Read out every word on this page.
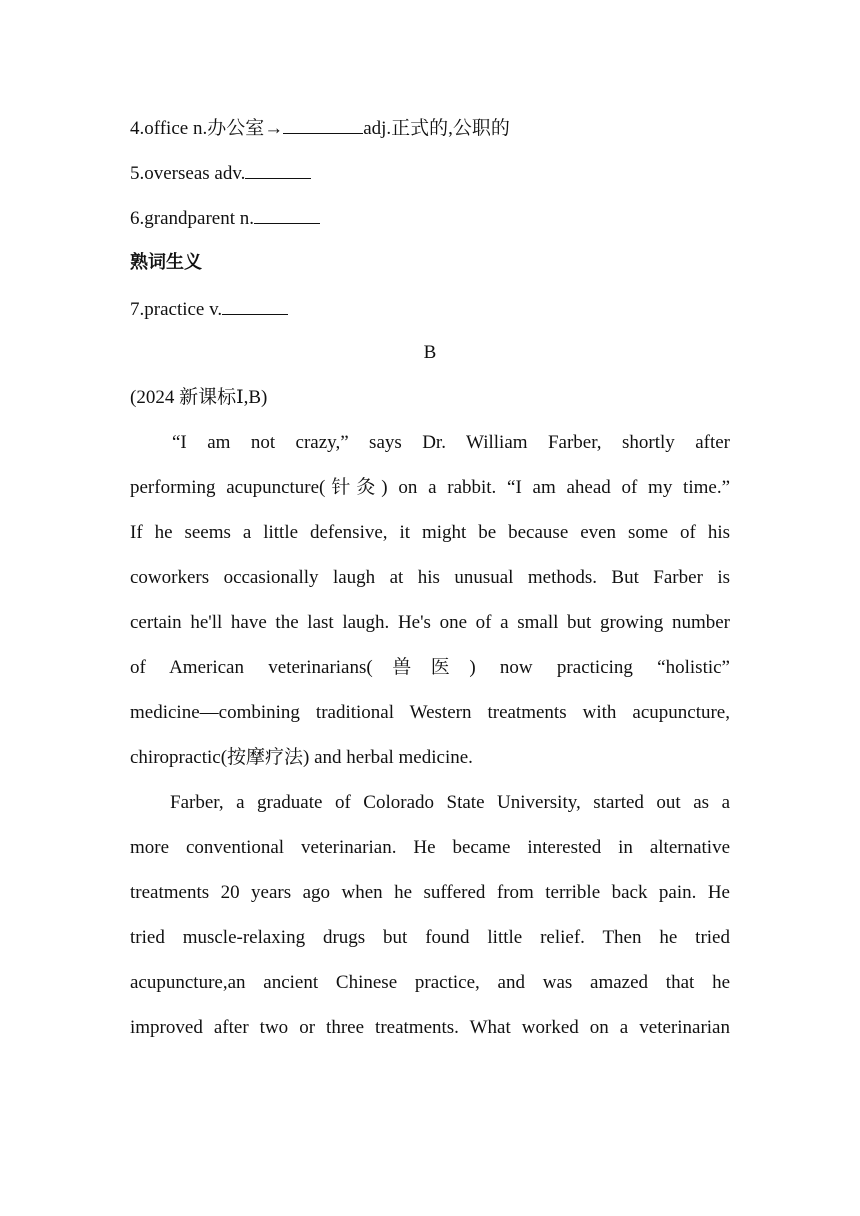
4.office n.办公室→	adj.正式的,公职的
5.overseas adv.
6.grandparent n.
熟词生义
7.practice v.
B
(2024 新课标Ⅰ,B)
“I am not crazy,” says Dr. William Farber, shortly after
performing acupuncture(针灸) on a rabbit. “I am ahead of my time.”
If he seems a little defensive, it might be because even some of his
coworkers occasionally laugh at his unusual methods. But Farber is
certain he'll have the last laugh. He's one of a small but growing number
of American veterinarians(兽医) now practicing “holistic”
medicine—combining traditional Western treatments with acupuncture,
chiropractic(按摩疗法) and herbal medicine.
Farber, a graduate of Colorado State University, started out as a
more conventional veterinarian. He became interested in alternative
treatments 20 years ago when he suffered from terrible back pain. He
tried muscle-relaxing drugs but found little relief. Then he tried
acupuncture,an ancient Chinese practice, and was amazed that he
improved after two or three treatments. What worked on a veterinarian
